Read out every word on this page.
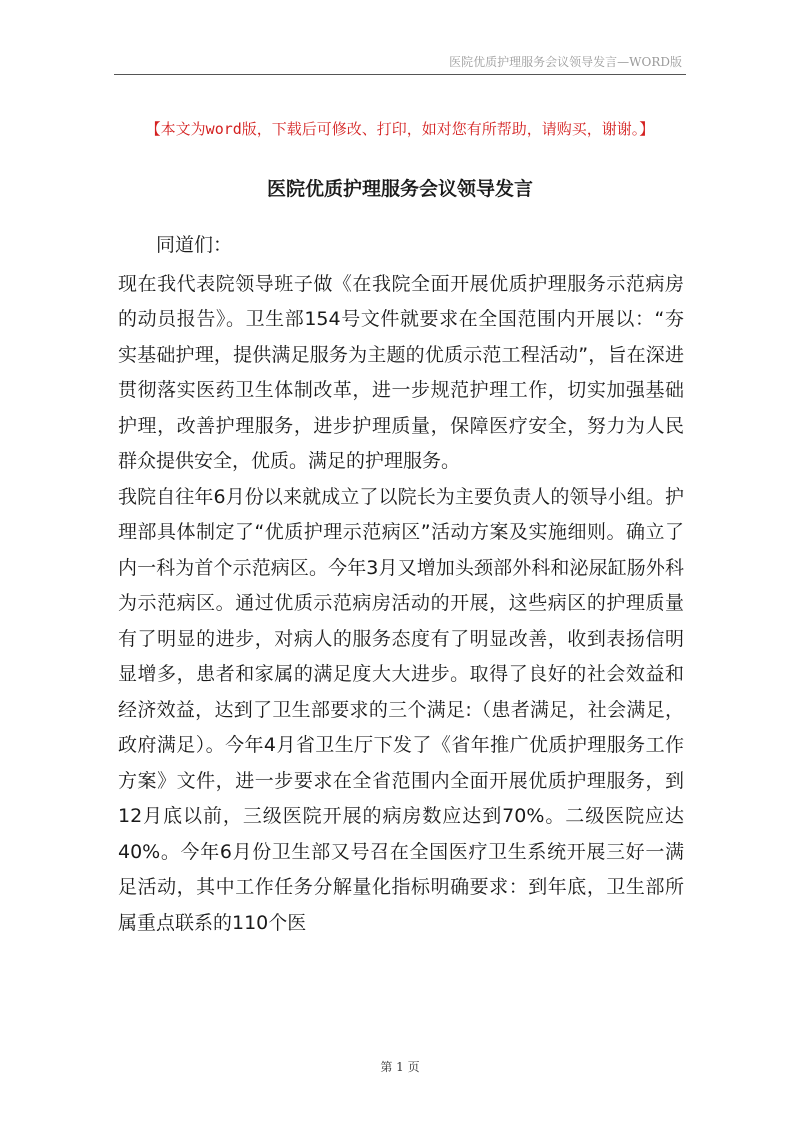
医院优质护理服务会议领导发言—WORD版
【本文为word版，下载后可修改、打印，如对您有所帮助，请购买，谢谢。】
医院优质护理服务会议领导发言

同道们：

现在我代表院领导班子做《在我院全面开展优质护理服务示范病房的动员报告》。卫生部154号文件就要求在全国范围内开展以：“夯实基础护理，提供满足服务为主题的优质示范工程活动”，旨在深进贯彻落实医药卫生体制改革，进一步规范护理工作，切实加强基础护理，改善护理服务，进步护理质量，保障医疗安全，努力为人民群众提供安全，优质。满足的护理服务。

我院自往年6月份以来就成立了以院长为主要负责人的领导小组。护理部具体制定了“优质护理示范病区”活动方案及实施细则。确立了内一科为首个示范病区。今年3月又增加头颈部外科和泌尿缸肠外科为示范病区。通过优质示范病房活动的开展，这些病区的护理质量有了明显的进步，对病人的服务态度有了明显改善，收到表扬信明显增多，患者和家属的满足度大大进步。取得了良好的社会效益和经济效益，达到了卫生部要求的三个满足:（患者满足，社会满足，政府满足）。今年4月省卫生厅下发了《省年推广优质护理服务工作方案》文件，进一步要求在全省范围内全面开展优质护理服务，到12月底以前，三级医院开展的病房数应达到70%。二级医院应达40%。今年6月份卫生部又号召在全国医疗卫生系统开展三好一满足活动，其中工作任务分解量化指标明确要求：到年底，卫生部所属重点联系的110个医

第 1 页
